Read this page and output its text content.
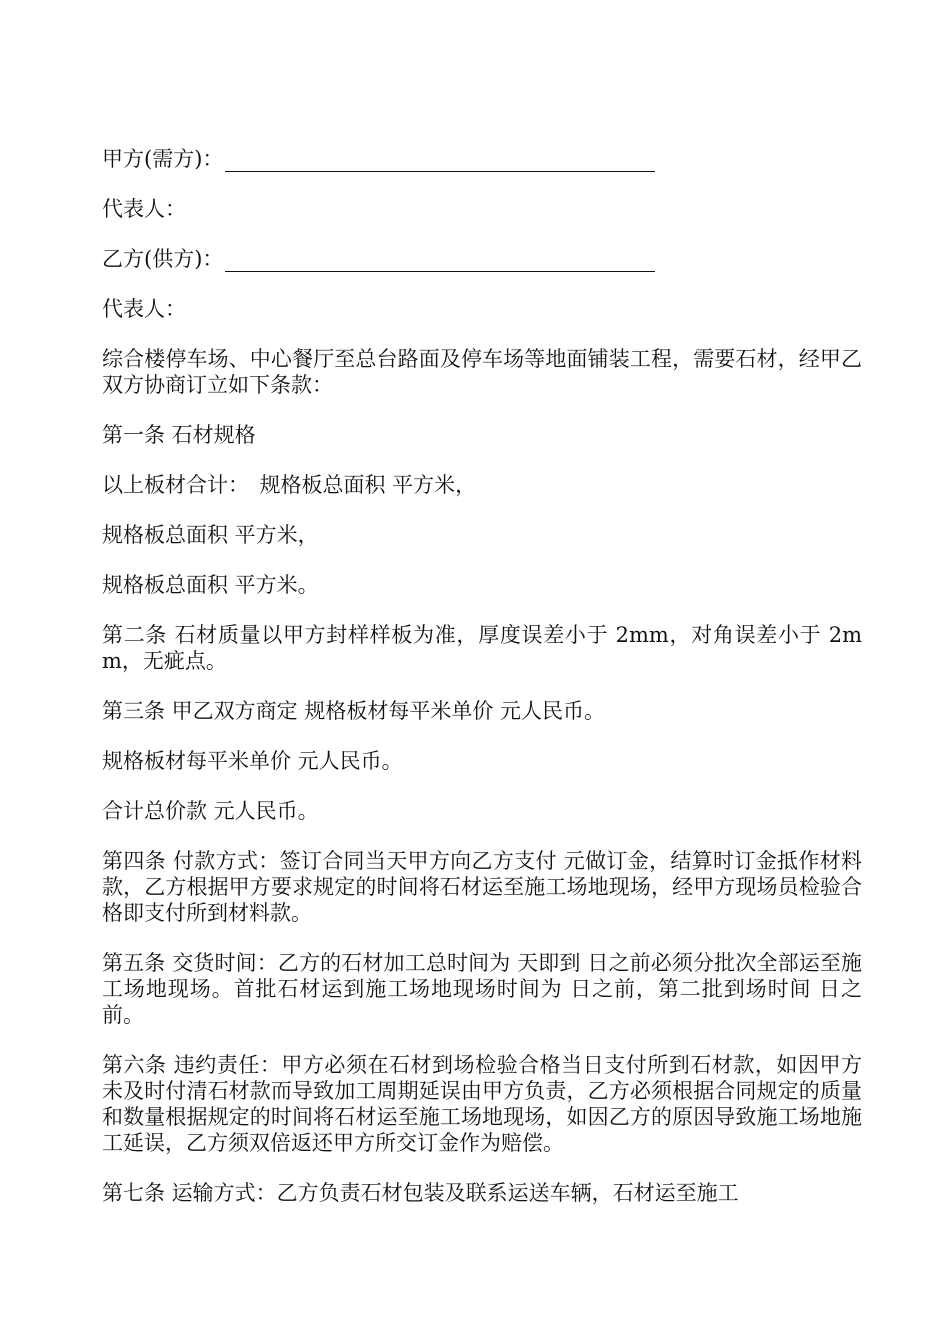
甲方(需方)：
代表人：
乙方(供方)：
代表人：
综合楼停车场、中心餐厅至总台路面及停车场等地面铺装工程，需要石材，经甲乙双方协商订立如下条款：
第一条 石材规格
以上板材合计：　规格板总面积 平方米，
规格板总面积 平方米，
规格板总面积 平方米。
第二条 石材质量以甲方封样样板为准，厚度误差小于 2mm，对角误差小于 2mm，无疵点。
第三条 甲乙双方商定 规格板材每平米单价 元人民币。
规格板材每平米单价 元人民币。
合计总价款 元人民币。
第四条 付款方式：签订合同当天甲方向乙方支付 元做订金，结算时订金抵作材料款，乙方根据甲方要求规定的时间将石材运至施工场地现场，经甲方现场员检验合格即支付所到材料款。
第五条 交货时间：乙方的石材加工总时间为 天即到 日之前必须分批次全部运至施工场地现场。首批石材运到施工场地现场时间为 日之前，第二批到场时间 日之前。
第六条 违约责任：甲方必须在石材到场检验合格当日支付所到石材款，如因甲方未及时付清石材款而导致加工周期延误由甲方负责，乙方必须根据合同规定的质量和数量根据规定的时间将石材运至施工场地现场，如因乙方的原因导致施工场地施工延误，乙方须双倍返还甲方所交订金作为赔偿。
第七条 运输方式：乙方负责石材包装及联系运送车辆，石材运至施工
